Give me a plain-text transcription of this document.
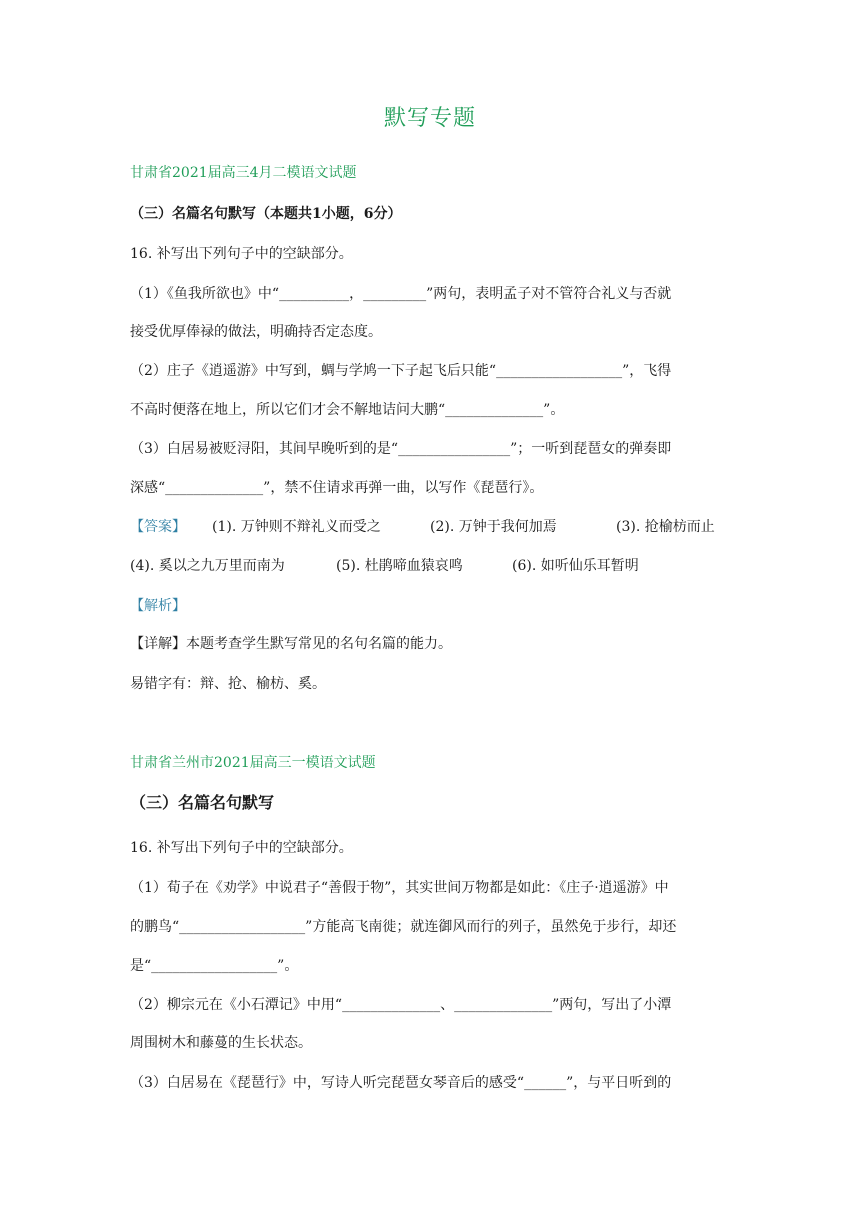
默写专题
甘肃省2021届高三4月二模语文试题
（三）名篇名句默写（本题共1小题，6分）
16. 补写出下列句子中的空缺部分。
（1）《鱼我所欲也》中“__________，_________”两句，表明孟子对不管符合礼义与否就
接受优厚俸禄的做法，明确持否定态度。
（2）庄子《逍遥游》中写到，蜩与学鸠一下子起飞后只能“__________________”，飞得
不高时便落在地上，所以它们才会不解地诘问大鹏“______________”。
（3）白居易被贬浔阳，其间早晚听到的是“________________”；一听到琵琶女的弹奏即
深感“______________”，禁不住请求再弹一曲，以写作《琵琶行》。
【答案】 (1). 万钟则不辩礼义而受之	(2). 万钟于我何加焉	(3). 抢榆枋而止
(4). 奚以之九万里而南为	(5). 杜鹃啼血猿哀鸣	(6). 如听仙乐耳暂明
【解析】
【详解】本题考查学生默写常见的名句名篇的能力。
易错字有：辩、抢、榆枋、奚。
甘肃省兰州市2021届高三一模语文试题
（三）名篇名句默写
16. 补写出下列句子中的空缺部分。
（1）荀子在《劝学》中说君子“善假于物”，其实世间万物都是如此：《庄子·逍遥游》中
的鹏鸟“__________________”方能高飞南徙；就连御风而行的列子，虽然免于步行，却还
是“__________________”。
（2）柳宗元在《小石潭记》中用“______________、______________”两句，写出了小潭
周围树木和藤蔓的生长状态。
（3）白居易在《琵琶行》中，写诗人听完琵琶女琴音后的感受“______”，与平日听到的
